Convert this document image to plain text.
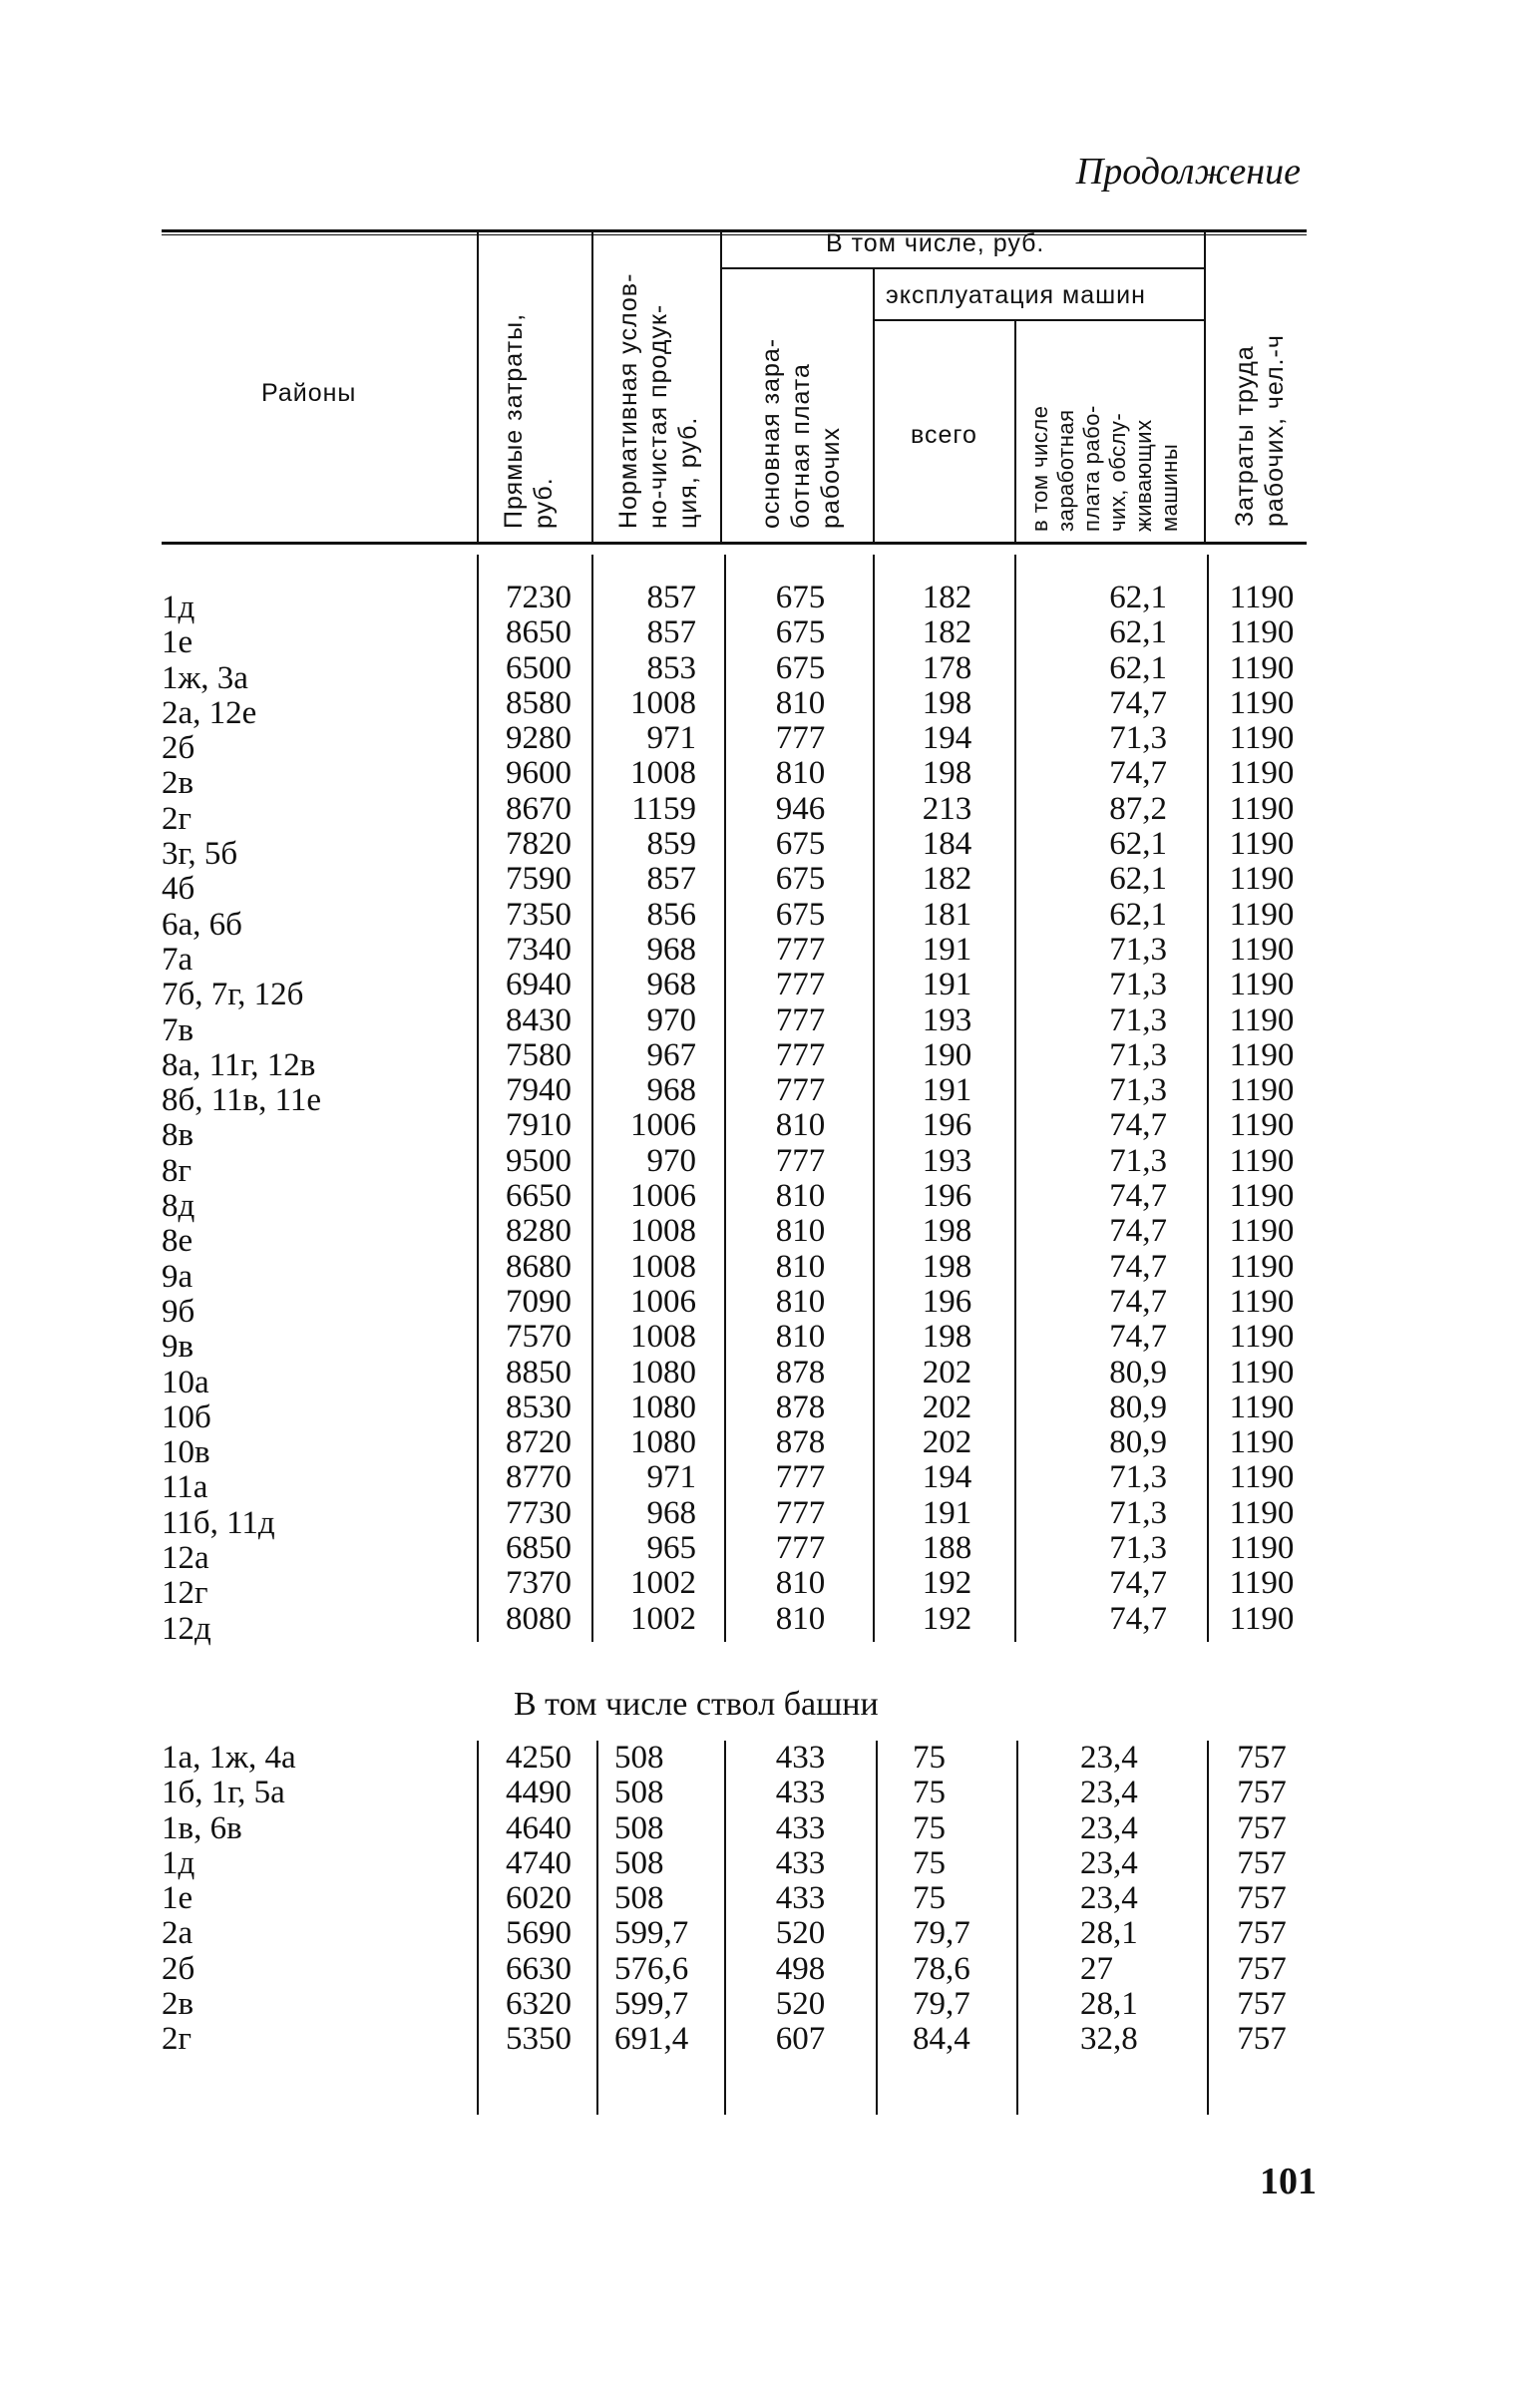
Продолжение
Районы
В том числе, руб.
эксплуатация машин
всего
Прямые затраты, руб. Нормативная услов- но-чистая продук- ция, руб. основная зара- ботная плата рабочих	в том числе заработная плата рабо- чих, обслу- живающих машины Затраты труда рабочих, чел.-ч
1д
1е
1ж, 3а
2а, 12е
2б
2в
2г
3г, 5б
4б
6а, 6б
7а
7б, 7г, 12б
7в
8а, 11г, 12в
8б, 11в, 11е
8в
8г
8д
8е
9а
9б
9в
10а
10б
10в
11а
11б, 11д
12а
12г
12д
7230
8650
6500
8580
9280
9600
8670
7820
7590
7350
7340
6940
8430
7580
7940
7910
9500
6650
8280
8680
7090
7570
8850
8530
8720
8770
7730
6850
7370
8080
857
857
853
1008
971
1008
1159
859
857
856
968
968
970
967
968
1006
970
1006
1008
1008
1006
1008
1080
1080
1080
971
968
965
1002
1002
675
675
675
810
777
810
946
675
675
675
777
777
777
777
777
810
777
810
810
810
810
810
878
878
878
777
777
777
810
810
182
182
178
198
194
198
213
184
182
181
191
191
193
190
191
196
193
196
198
198
196
198
202
202
202
194
191
188
192
192
62,1
62,1
62,1
74,7
71,3
74,7
87,2
62,1
62,1
62,1
71,3
71,3
71,3
71,3
71,3
74,7
71,3
74,7
74,7
74,7
74,7
74,7
80,9
80,9
80,9
71,3
71,3
71,3
74,7
74,7
1190
1190
1190
1190
1190
1190
1190
1190
1190
1190
1190
1190
1190
1190
1190
1190
1190
1190
1190
1190
1190
1190
1190
1190
1190
1190
1190
1190
1190
1190
В том числе ствол башни
1а, 1ж, 4а
1б, 1г, 5а
1в, 6в
1д
1е
2а
2б
2в
2г
4250
4490
4640
4740
6020
5690
6630
6320
5350
508
508
508
508
508
599,7
576,6
599,7
691,4
433
433
433
433
433
520
498
520
607
75
75
75
75
75
79,7
78,6
79,7
84,4
23,4
23,4
23,4
23,4
23,4
28,1
27
28,1
32,8
757
757
757
757
757
757
757
757
757
101
